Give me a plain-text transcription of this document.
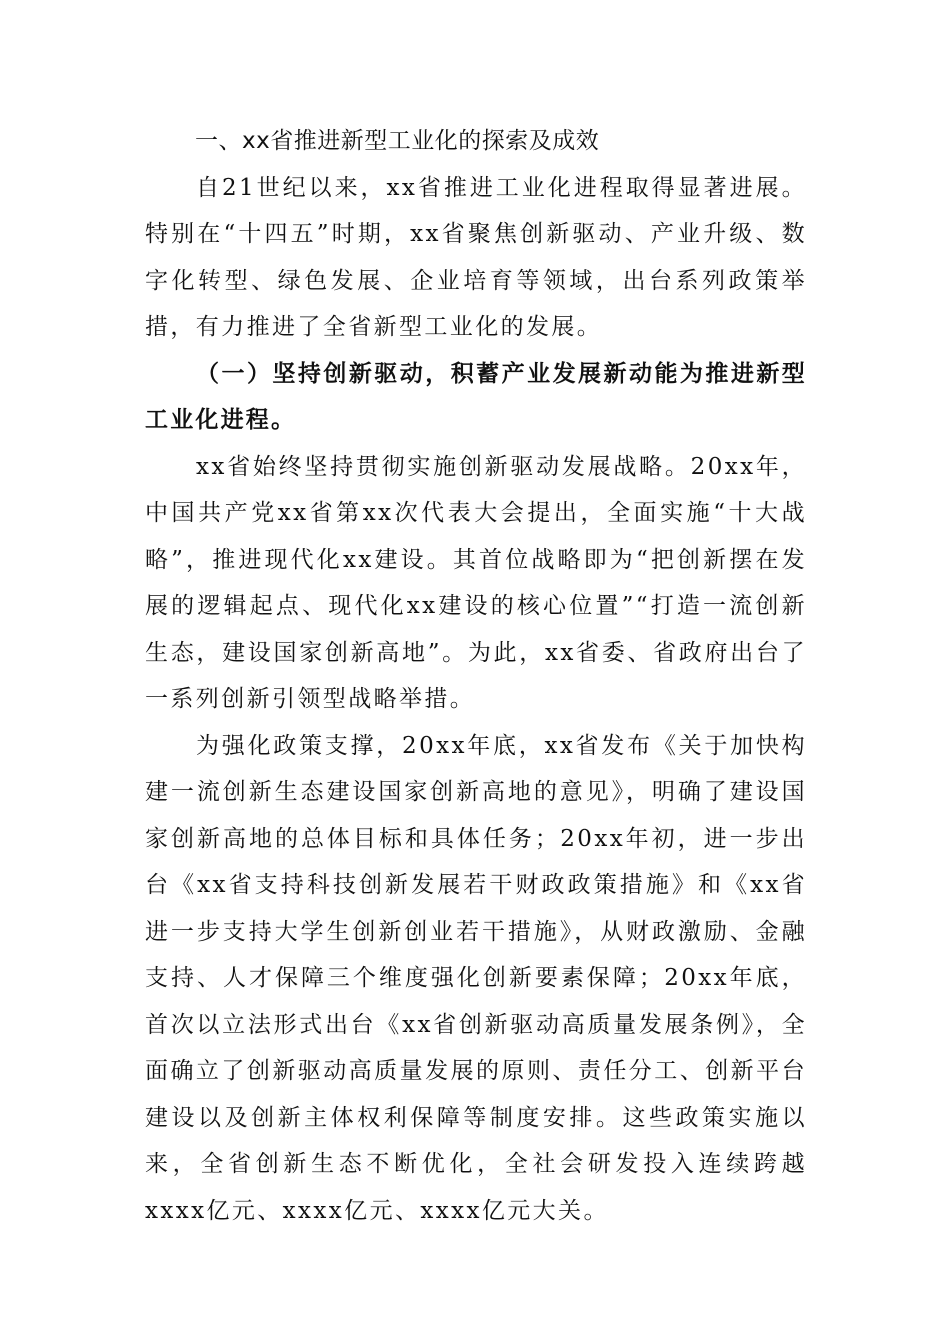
一、xx省推进新型工业化的探索及成效

自21世纪以来，xx省推进工业化进程取得显著进展。特别在“十四五”时期，xx省聚焦创新驱动、产业升级、数字化转型、绿色发展、企业培育等领域，出台系列政策举措，有力推进了全省新型工业化的发展。

（一）坚持创新驱动，积蓄产业发展新动能为推进新型工业化进程。

xx省始终坚持贯彻实施创新驱动发展战略。20xx年，中国共产党xx省第xx次代表大会提出，全面实施“十大战略”，推进现代化xx建设。其首位战略即为“把创新摆在发展的逻辑起点、现代化xx建设的核心位置”“打造一流创新生态，建设国家创新高地”。为此，xx省委、省政府出台了一系列创新引领型战略举措。

为强化政策支撑，20xx年底，xx省发布《关于加快构建一流创新生态建设国家创新高地的意见》，明确了建设国家创新高地的总体目标和具体任务；20xx年初，进一步出台《xx省支持科技创新发展若干财政政策措施》和《xx省进一步支持大学生创新创业若干措施》，从财政激励、金融支持、人才保障三个维度强化创新要素保障；20xx年底，首次以立法形式出台《xx省创新驱动高质量发展条例》，全面确立了创新驱动高质量发展的原则、责任分工、创新平台建设以及创新主体权利保障等制度安排。这些政策实施以来，全省创新生态不断优化，全社会研发投入连续跨越xxxx亿元、xxxx亿元、xxxx亿元大关。
